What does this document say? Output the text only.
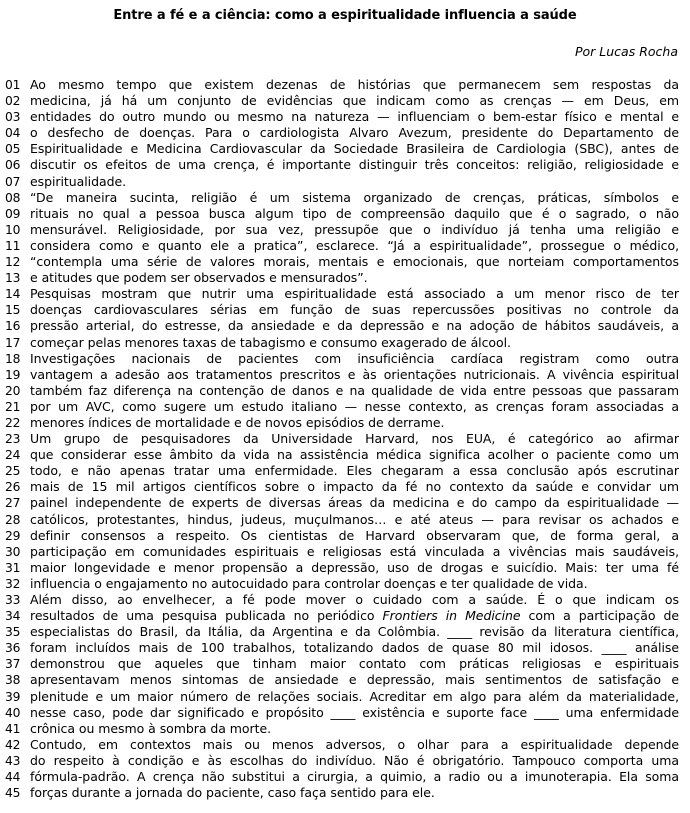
Entre a fé e a ciência: como a espiritualidade influencia a saúde
Por Lucas Rocha
01 Ao mesmo tempo que existem dezenas de histórias que permanecem sem respostas da
02 medicina, já há um conjunto de evidências que indicam como as crenças — em Deus, em
03 entidades do outro mundo ou mesmo na natureza — influenciam o bem-estar físico e mental e
04 o desfecho de doenças. Para o cardiologista Alvaro Avezum, presidente do Departamento de
05 Espiritualidade e Medicina Cardiovascular da Sociedade Brasileira de Cardiologia (SBC), antes de
06 discutir os efeitos de uma crença, é importante distinguir três conceitos: religião, religiosidade e
07 espiritualidade.
08 “De maneira sucinta, religião é um sistema organizado de crenças, práticas, símbolos e
09 rituais no qual a pessoa busca algum tipo de compreensão daquilo que é o sagrado, o não
10 mensurável. Religiosidade, por sua vez, pressupõe que o indivíduo já tenha uma religião e
11 considera como e quanto ele a pratica”, esclarece. “Já a espiritualidade”, prossegue o médico,
12 “contempla uma série de valores morais, mentais e emocionais, que norteiam comportamentos
13 e atitudes que podem ser observados e mensurados”.
14 Pesquisas mostram que nutrir uma espiritualidade está associado a um menor risco de ter
15 doenças cardiovasculares sérias em função de suas repercussões positivas no controle da
16 pressão arterial, do estresse, da ansiedade e da depressão e na adoção de hábitos saudáveis, a
17 começar pelas menores taxas de tabagismo e consumo exagerado de álcool.
18 Investigações nacionais de pacientes com insuficiência cardíaca registram como outra
19 vantagem a adesão aos tratamentos prescritos e às orientações nutricionais. A vivência espiritual
20 também faz diferença na contenção de danos e na qualidade de vida entre pessoas que passaram
21 por um AVC, como sugere um estudo italiano — nesse contexto, as crenças foram associadas a
22 menores índices de mortalidade e de novos episódios de derrame.
23 Um grupo de pesquisadores da Universidade Harvard, nos EUA, é categórico ao afirmar
24 que considerar esse âmbito da vida na assistência médica significa acolher o paciente como um
25 todo, e não apenas tratar uma enfermidade. Eles chegaram a essa conclusão após escrutinar
26 mais de 15 mil artigos científicos sobre o impacto da fé no contexto da saúde e convidar um
27 painel independente de experts de diversas áreas da medicina e do campo da espiritualidade —
28 católicos, protestantes, hindus, judeus, muçulmanos… e até ateus — para revisar os achados e
29 definir consensos a respeito. Os cientistas de Harvard observaram que, de forma geral, a
30 participação em comunidades espirituais e religiosas está vinculada a vivências mais saudáveis,
31 maior longevidade e menor propensão a depressão, uso de drogas e suicídio. Mais: ter uma fé
32 influencia o engajamento no autocuidado para controlar doenças e ter qualidade de vida.
33 Além disso, ao envelhecer, a fé pode mover o cuidado com a saúde. É o que indicam os
34 resultados de uma pesquisa publicada no periódico Frontiers in Medicine com a participação de
35 especialistas do Brasil, da Itália, da Argentina e da Colômbia. ____ revisão da literatura científica,
36 foram incluídos mais de 100 trabalhos, totalizando dados de quase 80 mil idosos. ____ análise
37 demonstrou que aqueles que tinham maior contato com práticas religiosas e espirituais
38 apresentavam menos sintomas de ansiedade e depressão, mais sentimentos de satisfação e
39 plenitude e um maior número de relações sociais. Acreditar em algo para além da materialidade,
40 nesse caso, pode dar significado e propósito ____ existência e suporte face ____ uma enfermidade
41 crônica ou mesmo à sombra da morte.
42 Contudo, em contextos mais ou menos adversos, o olhar para a espiritualidade depende
43 do respeito à condição e às escolhas do indivíduo. Não é obrigatório. Tampouco comporta uma
44 fórmula-padrão. A crença não substitui a cirurgia, a quimio, a radio ou a imunoterapia. Ela soma
45 forças durante a jornada do paciente, caso faça sentido para ele.
